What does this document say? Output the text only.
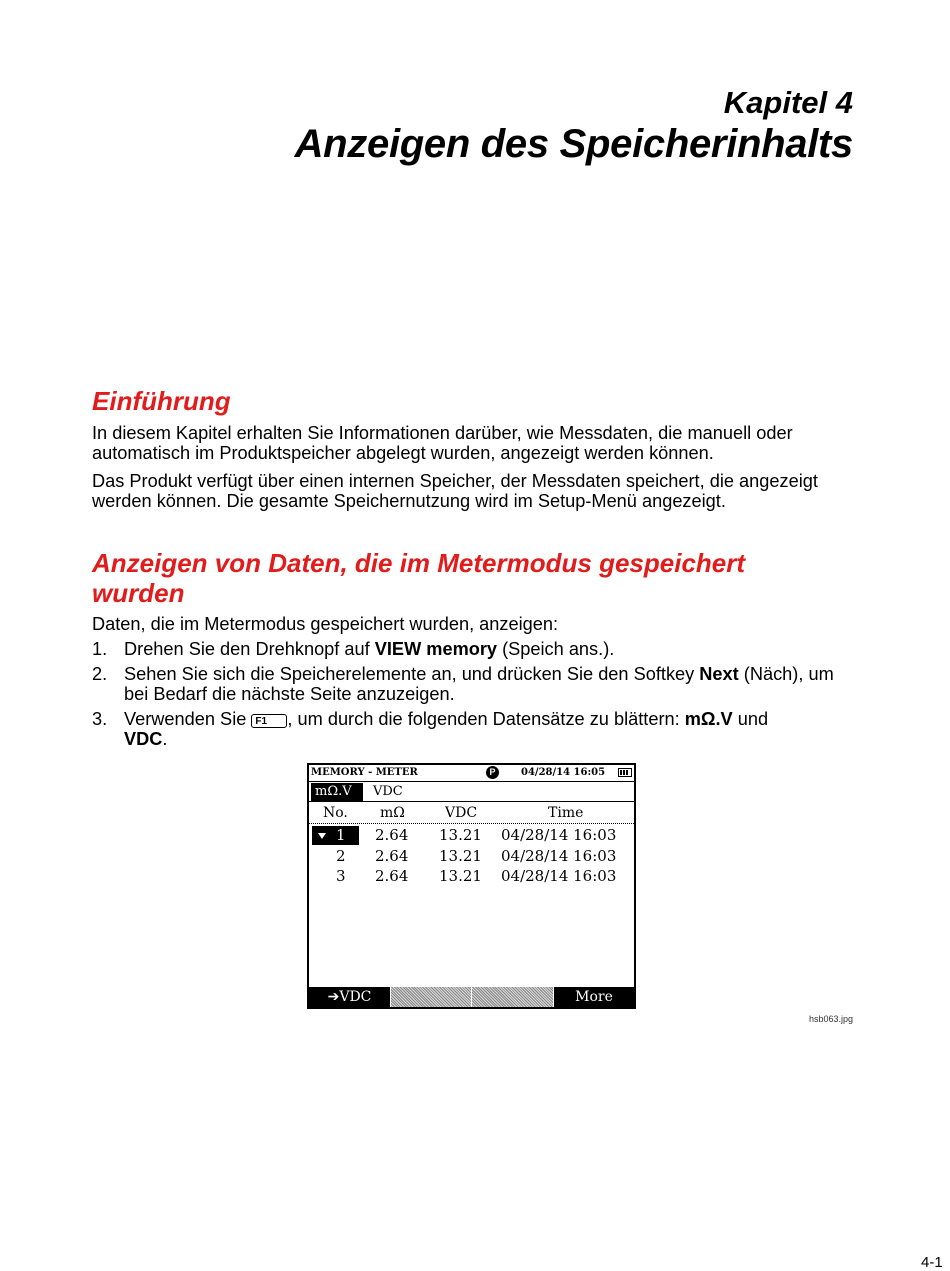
Kapitel 4
Anzeigen des Speicherinhalts
Einführung
In diesem Kapitel erhalten Sie Informationen darüber, wie Messdaten, die manuell oder automatisch im Produktspeicher abgelegt wurden, angezeigt werden können.
Das Produkt verfügt über einen internen Speicher, der Messdaten speichert, die angezeigt werden können. Die gesamte Speichernutzung wird im Setup-Menü angezeigt.
Anzeigen von Daten, die im Metermodus gespeichert wurden
Daten, die im Metermodus gespeichert wurden, anzeigen:
1. Drehen Sie den Drehknopf auf VIEW memory (Speich ans.).
2. Sehen Sie sich die Speicherelemente an, und drücken Sie den Softkey Next (Näch), um bei Bedarf die nächste Seite anzuzeigen.
3. Verwenden Sie F1 , um durch die folgenden Datensätze zu blättern: mΩ.V und
VDC.
MEMORY - METER	P	04/28/14 16:05
mΩ.V	VDC
No. mΩ	VDC	Time
1 2.64 13.21 04/28/14 16:03
2 2.64 13.21 04/28/14 16:03
3 2.64 13.21 04/28/14 16:03
➔VDC	More
hsb063.jpg
4-1
